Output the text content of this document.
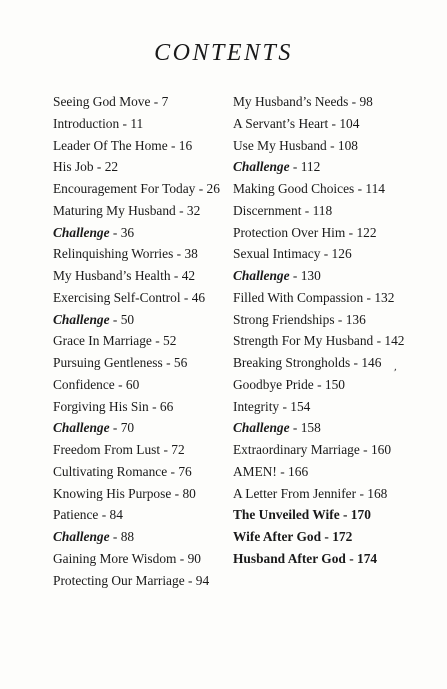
CONTENTS
Seeing God Move - 7
Introduction - 11
Leader Of The Home - 16
His Job - 22
Encouragement For Today - 26
Maturing My Husband - 32
Challenge - 36
Relinquishing Worries - 38
My Husband’s Health - 42
Exercising Self-Control - 46
Challenge - 50
Grace In Marriage - 52
Pursuing Gentleness - 56
Confidence - 60
Forgiving His Sin - 66
Challenge - 70
Freedom From Lust - 72
Cultivating Romance - 76
Knowing His Purpose - 80
Patience - 84
Challenge - 88
Gaining More Wisdom - 90
Protecting Our Marriage - 94
My Husband’s Needs - 98
A Servant’s Heart - 104
Use My Husband - 108
Challenge - 112
Making Good Choices - 114
Discernment - 118
Protection Over Him - 122
Sexual Intimacy - 126
Challenge - 130
Filled With Compassion - 132
Strong Friendships - 136
Strength For My Husband - 142
Breaking Strongholds - 146
Goodbye Pride - 150
Integrity - 154
Challenge - 158
Extraordinary Marriage - 160
AMEN! - 166
A Letter From Jennifer - 168
The Unveiled Wife - 170
Wife After God - 172
Husband After God - 174
,
